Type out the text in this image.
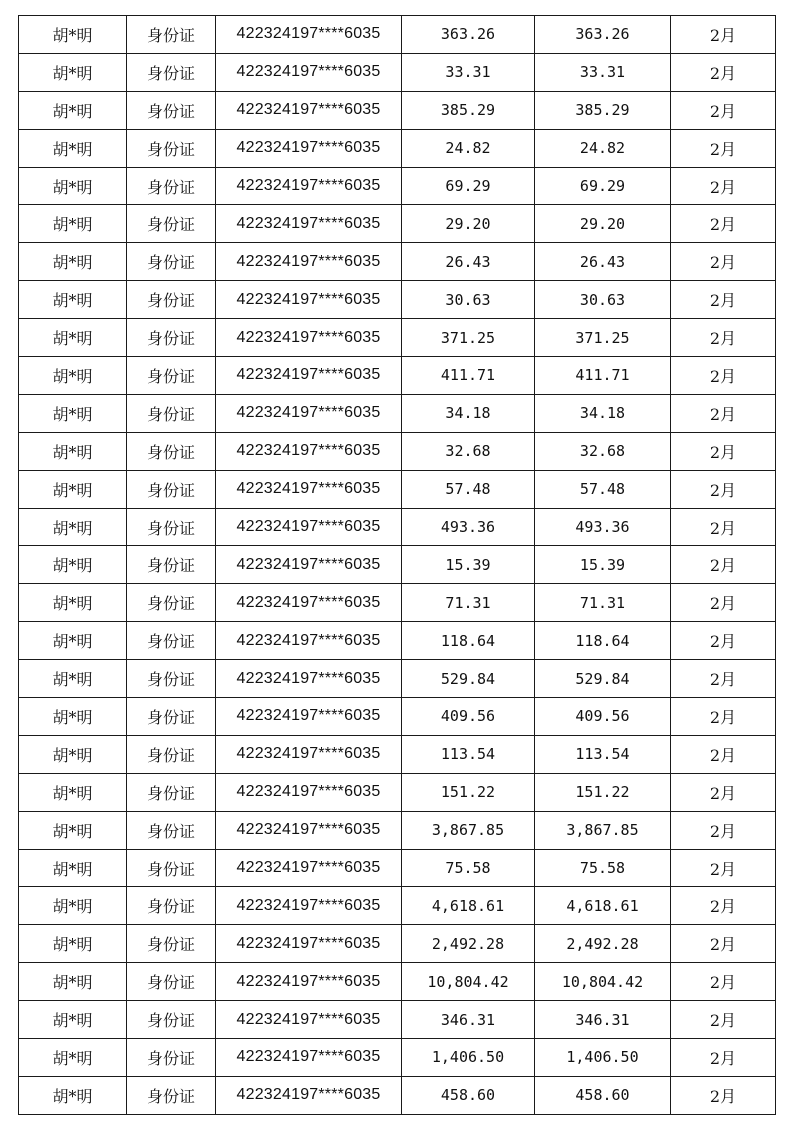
胡*明	身份证	422324197****6035	363.26	363.26	2月
胡*明	身份证	422324197****6035	33.31	33.31	2月
胡*明	身份证	422324197****6035	385.29	385.29	2月
胡*明	身份证	422324197****6035	24.82	24.82	2月
胡*明	身份证	422324197****6035	69.29	69.29	2月
胡*明	身份证	422324197****6035	29.20	29.20	2月
胡*明	身份证	422324197****6035	26.43	26.43	2月
胡*明	身份证	422324197****6035	30.63	30.63	2月
胡*明	身份证	422324197****6035	371.25	371.25	2月
胡*明	身份证	422324197****6035	411.71	411.71	2月
胡*明	身份证	422324197****6035	34.18	34.18	2月
胡*明	身份证	422324197****6035	32.68	32.68	2月
胡*明	身份证	422324197****6035	57.48	57.48	2月
胡*明	身份证	422324197****6035	493.36	493.36	2月
胡*明	身份证	422324197****6035	15.39	15.39	2月
胡*明	身份证	422324197****6035	71.31	71.31	2月
胡*明	身份证	422324197****6035	118.64	118.64	2月
胡*明	身份证	422324197****6035	529.84	529.84	2月
胡*明	身份证	422324197****6035	409.56	409.56	2月
胡*明	身份证	422324197****6035	113.54	113.54	2月
胡*明	身份证	422324197****6035	151.22	151.22	2月
胡*明	身份证	422324197****6035	3,867.85	3,867.85	2月
胡*明	身份证	422324197****6035	75.58	75.58	2月
胡*明	身份证	422324197****6035	4,618.61	4,618.61	2月
胡*明	身份证	422324197****6035	2,492.28	2,492.28	2月
胡*明	身份证	422324197****6035	10,804.42	10,804.42	2月
胡*明	身份证	422324197****6035	346.31	346.31	2月
胡*明	身份证	422324197****6035	1,406.50	1,406.50	2月
胡*明	身份证	422324197****6035	458.60	458.60	2月
